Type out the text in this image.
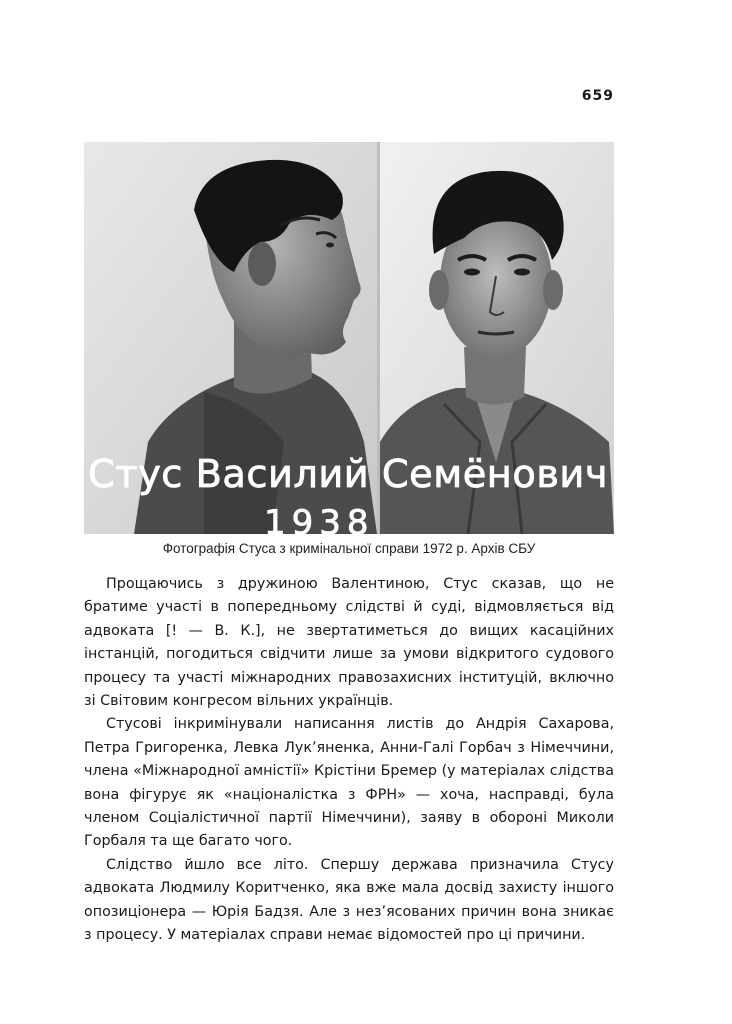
659
Стус Василий Семёнович
1938
Фотографія Стуса з кримінальної справи 1972 р. Архів СБУ

Прощаючись з дружиною Валентиною, Стус сказав, що не братиме участі в попередньому слідстві й суді, відмовляється від адвоката [! — В. К.], не звертатиметься до вищих касаційних інстанцій, погодиться свідчити лише за умови відкритого судового процесу та участі міжнародних правозахисних інституцій, включно зі Світовим конгресом вільних українців.

Стусові інкримінували написання листів до Андрія Сахарова, Петра Григоренка, Левка Лук’яненка, Анни-Галі Горбач з Німеччини, члена «Міжнародної амністії» Крістіни Бремер (у матеріалах слідства вона фігурує як «націоналістка з ФРН» — хоча, насправді, була членом Соціалістичної партії Німеччини), заяву в обороні Миколи Горбаля та ще багато чого.

Слідство йшло все літо. Спершу держава призначила Стусу адвоката Людмилу Коритченко, яка вже мала досвід захисту іншого опозиціонера — Юрія Бадзя. Але з нез’ясованих причин вона зникає з процесу. У матеріалах справи немає відомостей про ці причини.
